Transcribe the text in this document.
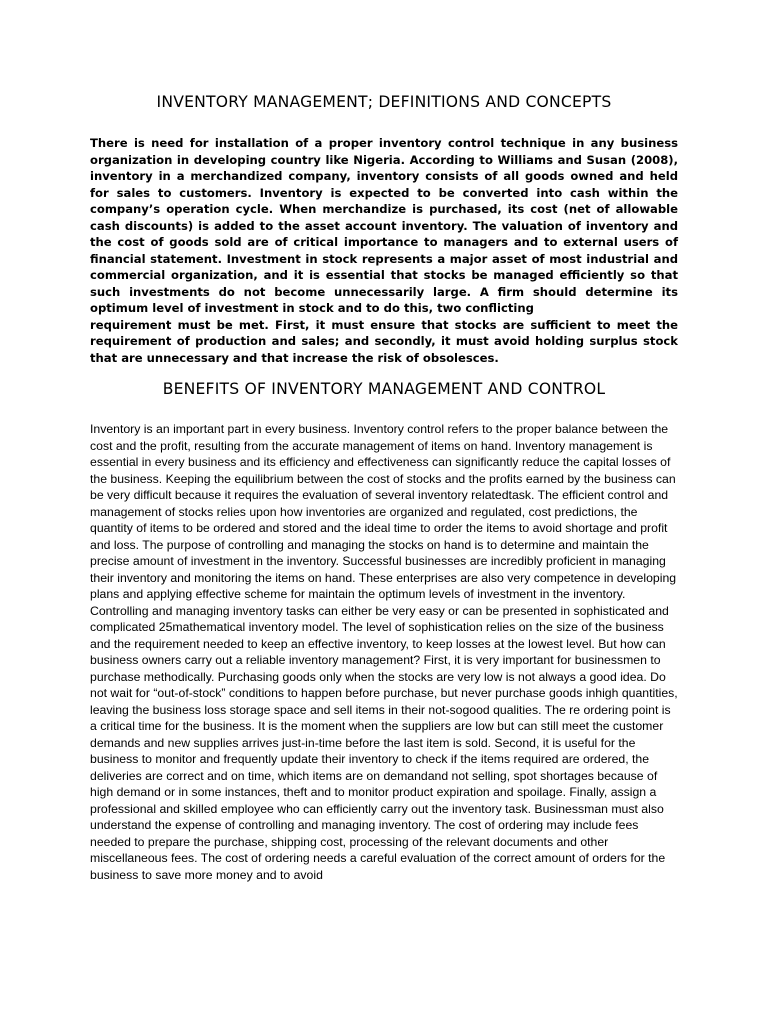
INVENTORY MANAGEMENT; DEFINITIONS AND CONCEPTS

There is need for installation of a proper inventory control technique in any business organization in developing country like Nigeria. According to Williams and Susan (2008), inventory in a merchandized company, inventory consists of all goods owned and held for sales to customers. Inventory is expected to be converted into cash within the company’s operation cycle. When merchandize is purchased, its cost (net of allowable cash discounts) is added to the asset account inventory. The valuation of inventory and the cost of goods sold are of critical importance to managers and to external users of financial statement. Investment in stock represents a major asset of most industrial and commercial organization, and it is essential that stocks be managed efficiently so that such investments do not become unnecessarily large. A firm should determine its optimum level of investment in stock and to do this, two conflicting

requirement must be met. First, it must ensure that stocks are sufficient to meet the requirement of production and sales; and secondly, it must avoid holding surplus stock that are unnecessary and that increase the risk of obsolesces.

BENEFITS OF INVENTORY MANAGEMENT AND CONTROL

Inventory is an important part in every business. Inventory control refers to the proper balance between the cost and the profit, resulting from the accurate management of items on hand. Inventory management is essential in every business and its efficiency and effectiveness can significantly reduce the capital losses of the business. Keeping the equilibrium between the cost of stocks and the profits earned by the business can be very difficult because it requires the evaluation of several inventory relatedtask. The efficient control and management of stocks relies upon how inventories are organized and regulated, cost predictions, the quantity of items to be ordered and stored and the ideal time to order the items to avoid shortage and profit and loss. The purpose of controlling and managing the stocks on hand is to determine and maintain the precise amount of investment in the inventory. Successful businesses are incredibly proficient in managing their inventory and monitoring the items on hand. These enterprises are also very competence in developing plans and applying effective scheme for maintain the optimum levels of investment in the inventory. Controlling and managing inventory tasks can either be very easy or can be presented in sophisticated and complicated 25mathematical inventory model. The level of sophistication relies on the size of the business and the requirement needed to keep an effective inventory, to keep losses at the lowest level. But how can business owners carry out a reliable inventory management? First, it is very important for businessmen to purchase methodically. Purchasing goods only when the stocks are very low is not always a good idea. Do not wait for “out-of-stock” conditions to happen before purchase, but never purchase goods inhigh quantities, leaving the business loss storage space and sell items in their not-sogood qualities. The re ordering point is a critical time for the business. It is the moment when the suppliers are low but can still meet the customer demands and new supplies arrives just-in-time before the last item is sold. Second, it is useful for the business to monitor and frequently update their inventory to check if the items required are ordered, the deliveries are correct and on time, which items are on demandand not selling, spot shortages because of high demand or in some instances, theft and to monitor product expiration and spoilage. Finally, assign a professional and skilled employee who can efficiently carry out the inventory task. Businessman must also understand the expense of controlling and managing inventory. The cost of ordering may include fees needed to prepare the purchase, shipping cost, processing of the relevant documents and other miscellaneous fees. The cost of ordering needs a careful evaluation of the correct amount of orders for the business to save more money and to avoid
